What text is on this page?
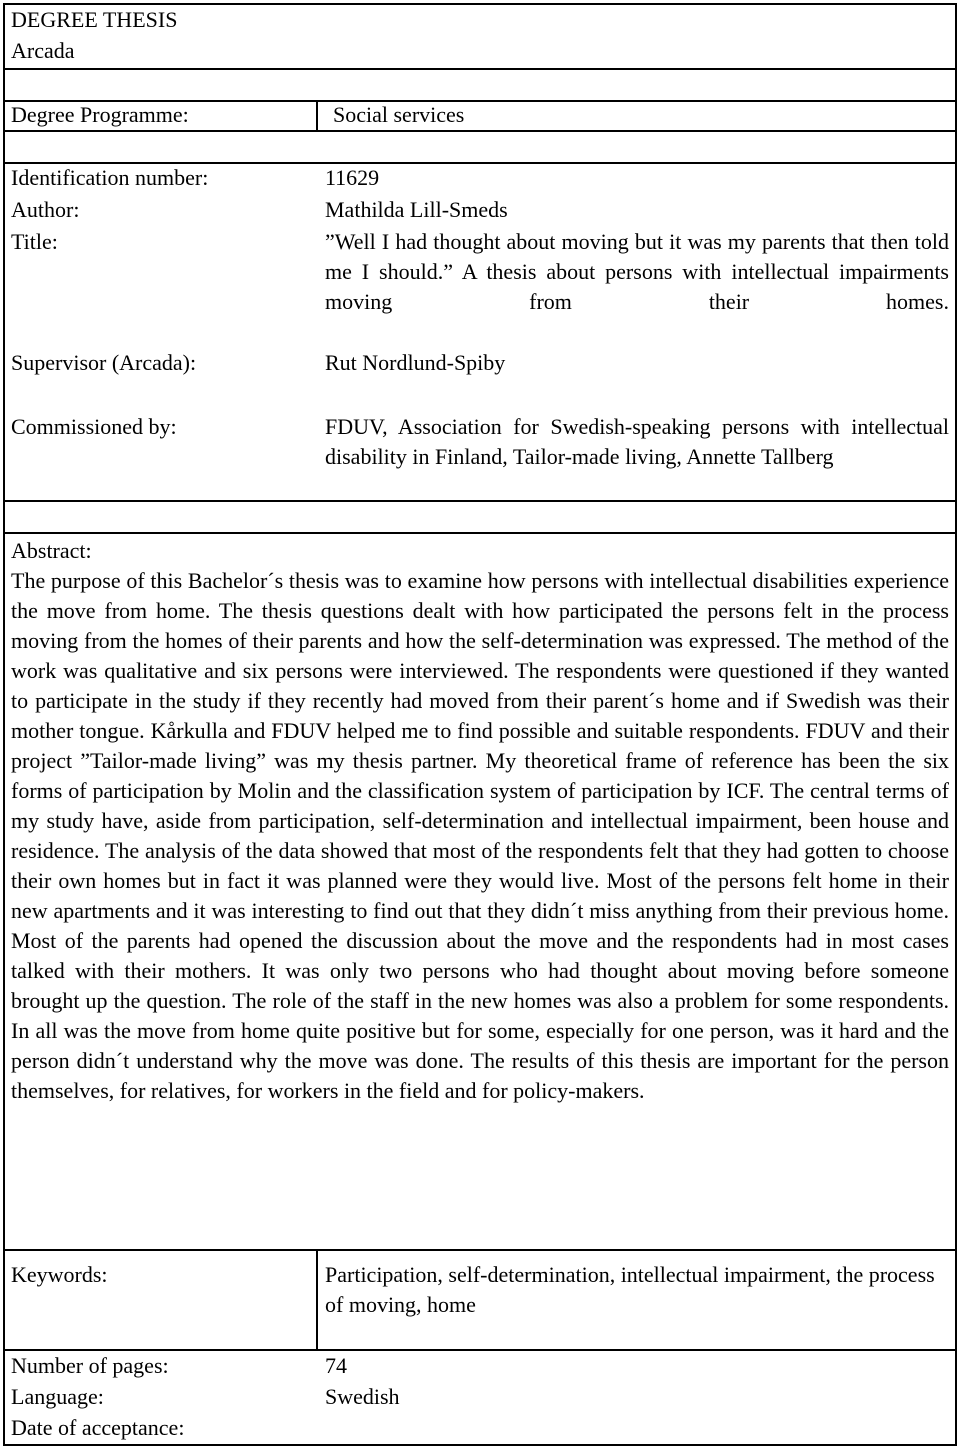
DEGREE THESIS
Arcada
Degree Programme:	Social services
Identification number:	11629
Author:	Mathilda Lill-Smeds
Title:	”Well I had thought about moving but it was my parents that then told me I should.” A thesis about persons with intellectual impairments moving from their homes.
Supervisor (Arcada):	Rut Nordlund-Spiby
Commissioned by:	FDUV, Association for Swedish-speaking persons with intellectual disability in Finland, Tailor-made living, Annette Tallberg
Abstract:
The purpose of this Bachelor´s thesis was to examine how persons with intellectual disabilities experience the move from home. The thesis questions dealt with how participated the persons felt in the process moving from the homes of their parents and how the self-determination was expressed. The method of the work was qualitative and six persons were interviewed. The respondents were questioned if they wanted to participate in the study if they recently had moved from their parent´s home and if Swedish was their mother tongue. Kårkulla and FDUV helped me to find possible and suitable respondents. FDUV and their project ”Tailor-made living” was my thesis partner. My theoretical frame of reference has been the six forms of participation by Molin and the classification system of participation by ICF. The central terms of my study have, aside from participation, self-determination and intellectual impairment, been house and residence. The analysis of the data showed that most of the respondents felt that they had gotten to choose their own homes but in fact it was planned were they would live. Most of the persons felt home in their new apartments and it was interesting to find out that they didn´t miss anything from their previous home. Most of the parents had opened the discussion about the move and the respondents had in most cases talked with their mothers. It was only two persons who had thought about moving before someone brought up the question. The role of the staff in the new homes was also a problem for some respondents. In all was the move from home quite positive but for some, especially for one person, was it hard and the person didn´t understand why the move was done. The results of this thesis are important for the person themselves, for relatives, for workers in the field and for policy-makers.
Keywords:	Participation, self-determination, intellectual impairment, the process of moving, home
Number of pages:	74
Language:	Swedish
Date of acceptance:
